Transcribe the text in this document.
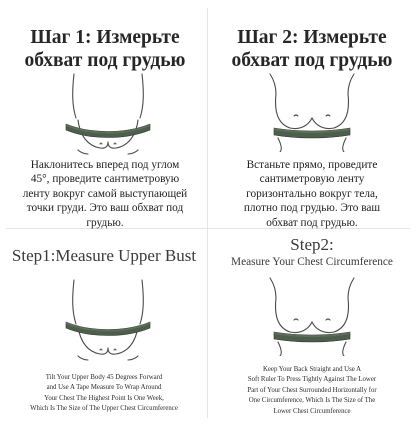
Шаг 1: Измерьте
обхват под грудью
Наклонитесь вперед под углом
45°, проведите сантиметровую
ленту вокруг самой выступающей
точки груди. Это ваш обхват под
грудью.
Шаг 2: Измерьте
обхват под грудью
Встаньте прямо, проведите
сантиметровую ленту
горизонтально вокруг тела,
плотно под грудью. Это ваш
обхват под грудью.
Step1:Measure Upper Bust
Tilt Your Upper Body 45 Degrees Forward
and Use A Tape Measure To Wrap Around
Your Chest The Highest Point Is One Week,
Which Is The Size of The Upper Chest Circumference
Step2:
Measure Your Chest Circumference
Keep Your Back Straight and Use A
Soft Ruler To Press Tightly Against The Lower
Part of Your Chest Surrounded Horizontally for
One Circumference, Which Is The Size of The
Lower Chest Circumference
